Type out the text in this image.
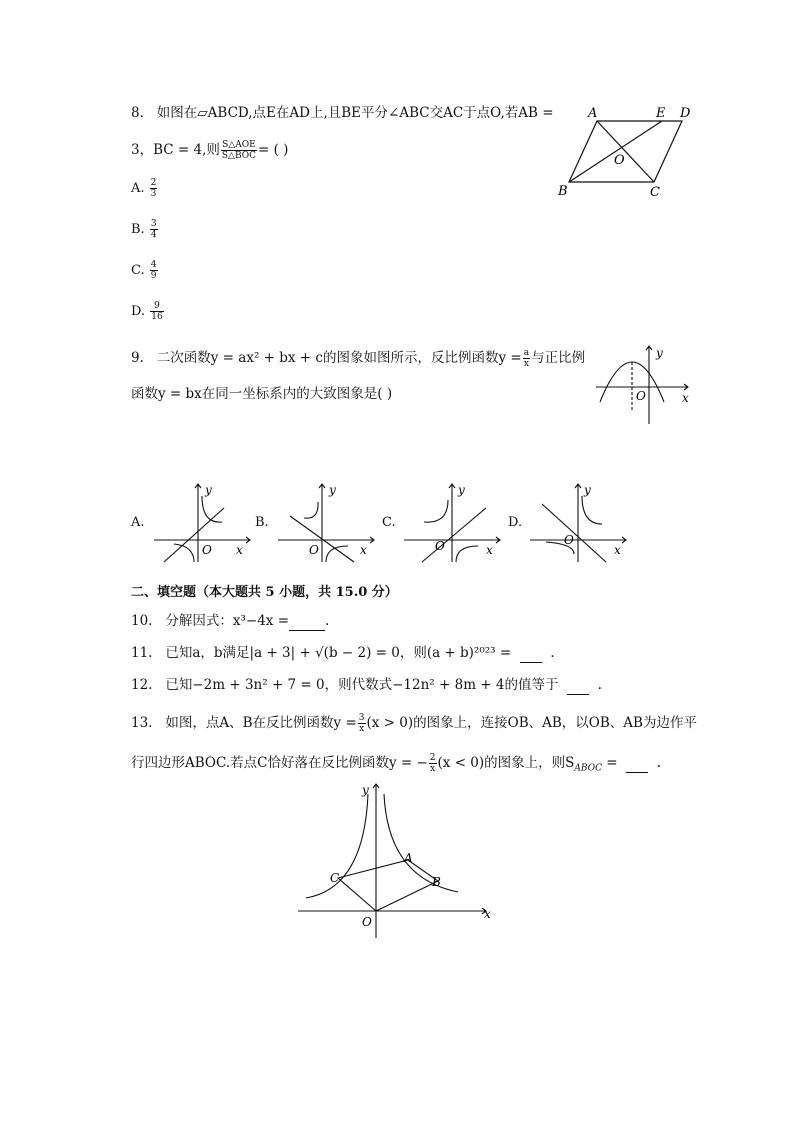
8. 如图在▱ABCD,点E在AD上,且BE平分∠ABC交AC于点O,若AB =
3，BC = 4,则 $\frac{\text{S△AOE}}{\text{S△BOC}}$ = ( )
A. $\frac{2}{3}$
B. $\frac{3}{4}$
C. $\frac{4}{9}$
D. $\frac{9}{16}$
A	E D
O
B	C
9. 二次函数y = ax² + bx + c的图象如图所示，反比例函数$y = \frac{a}{x}$ 与正比例
函数y = bx在同一坐标系内的大致图象是( )
y
x
O
A.
y
x
O
B.
y
x
O
C.
y
x
O
D.
y
x
O
二、填空题（本大题共 5 小题，共 15.0 分）
10. 分解因式：x³−4x =	.
11. 已知a，b满足|a + 3| + √(b − 2) = 0，则(a + b)²⁰²³ =	.
12. 已知−2m + 3n² + 7 = 0，则代数式−12n² + 8m + 4的值等于	.
13. 如图，点A、B在反比例函数$y = \frac{3}{x} (x > 0)$的图象上，连接OB、AB，以OB、AB为边作平
行四边形ABOC.若点C恰好落在反比例函数y = − $\frac{2}{x} (x < 0)$的图象上，则$S_{ABOC}$ =	.
y
x
O
A
B
C
